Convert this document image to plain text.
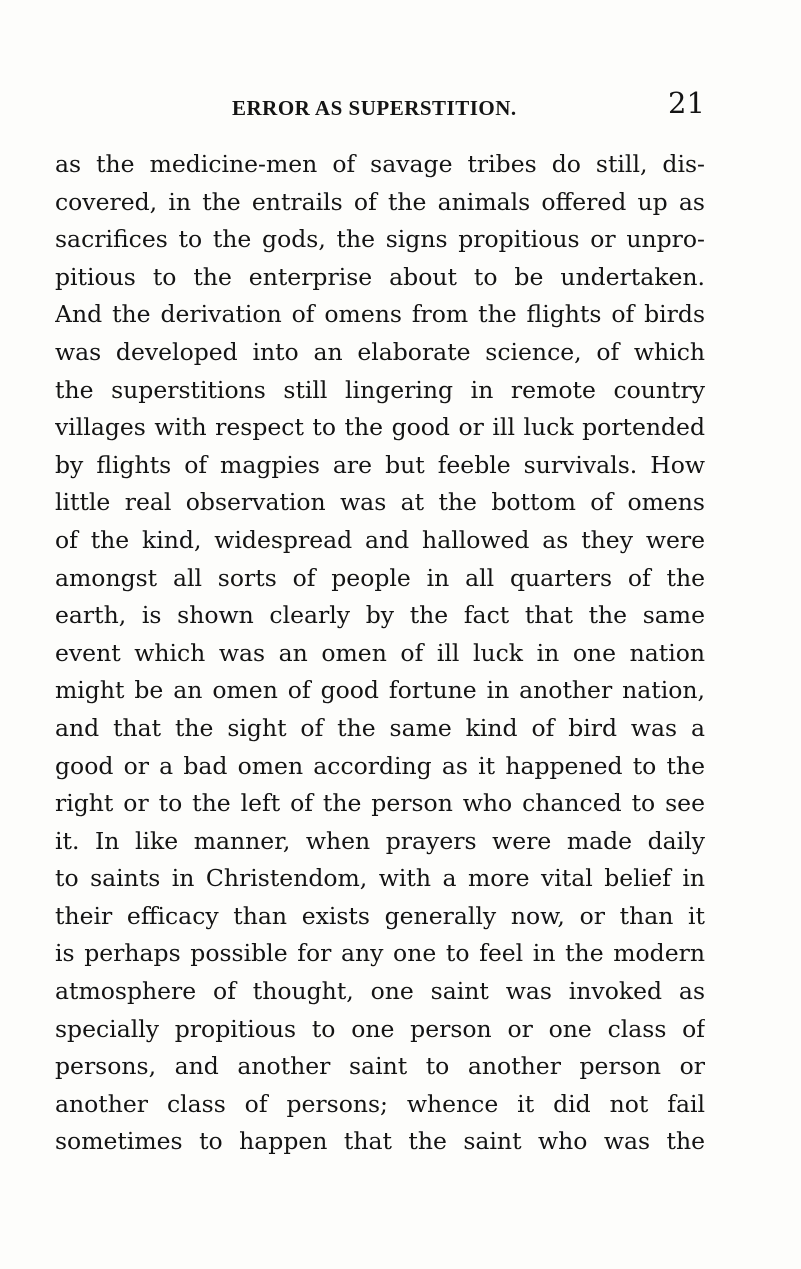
ERROR AS SUPERSTITION.	21
as the medicine-men of savage tribes do still, dis-
covered, in the entrails of the animals offered up as
sacrifices to the gods, the signs propitious or unpro-
pitious to the enterprise about to be undertaken.
And the derivation of omens from the flights of birds
was developed into an elaborate science, of which
the superstitions still lingering in remote country
villages with respect to the good or ill luck portended
by flights of magpies are but feeble survivals. How
little real observation was at the bottom of omens
of the kind, widespread and hallowed as they were
amongst all sorts of people in all quarters of the
earth, is shown clearly by the fact that the same
event which was an omen of ill luck in one nation
might be an omen of good fortune in another nation,
and that the sight of the same kind of bird was a
good or a bad omen according as it happened to the
right or to the left of the person who chanced to see
it. In like manner, when prayers were made daily
to saints in Christendom, with a more vital belief in
their efficacy than exists generally now, or than it
is perhaps possible for any one to feel in the modern
atmosphere of thought, one saint was invoked as
specially propitious to one person or one class of
persons, and another saint to another person or
another class of persons; whence it did not fail
sometimes to happen that the saint who was the
